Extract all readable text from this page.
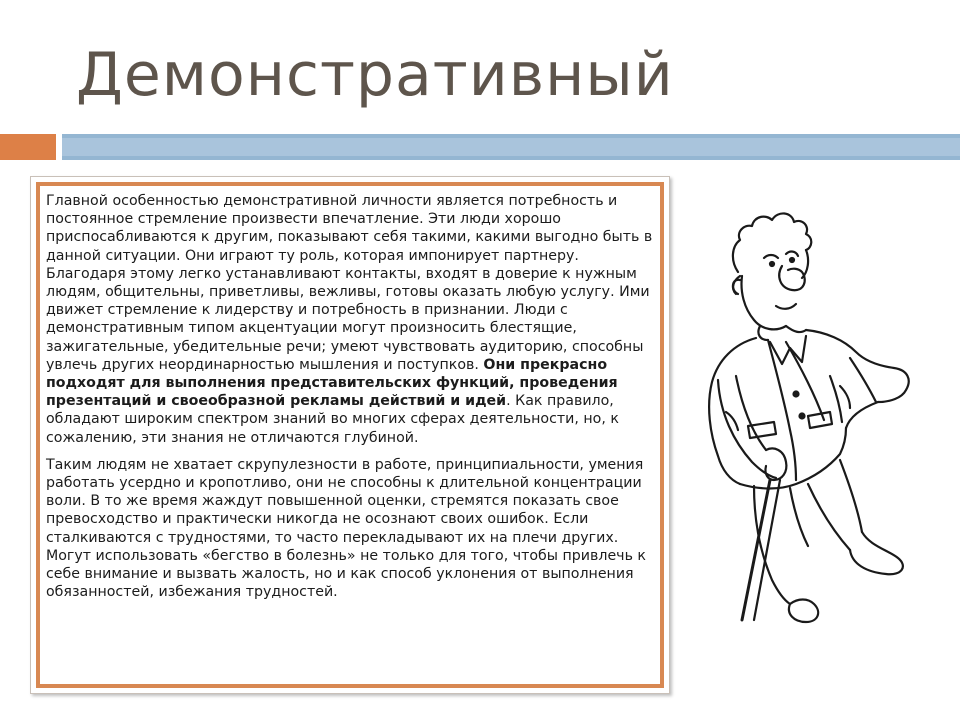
Демонстративный

Главной особенностью демонстративной личности является потребность и постоянное стремление произвести впечатление. Эти люди хорошо приспосабливаются к другим, показывают себя такими, какими выгодно быть в данной ситуации. Они играют ту роль, которая импонирует партнеру. Благодаря этому легко устанавливают контакты, входят в доверие к нужным людям, общительны, приветливы, вежливы, готовы оказать любую услугу. Ими движет стремление к лидерству и потребность в признании. Люди с демонстративным типом акцентуации могут произносить блестящие, зажигательные, убедительные речи; умеют чувствовать аудиторию, способны увлечь других неординарностью мышления и поступков. Они прекрасно подходят для выполнения представительских функций, проведения презентаций и своеобразной рекламы действий и идей. Как правило, обладают широким спектром знаний во многих сферах деятельности, но, к сожалению, эти знания не отличаются глубиной.

Таким людям не хватает скрупулезности в работе, принципиальности, умения работать усердно и кропотливо, они не способны к длительной концентрации воли. В то же время жаждут повышенной оценки, стремятся показать свое превосходство и практически никогда не осознают своих ошибок. Если сталкиваются с трудностями, то часто перекладывают их на плечи других. Могут использовать «бегство в болезнь» не только для того, чтобы привлечь к себе внимание и вызвать жалость, но и как способ уклонения от выполнения обязанностей, избежания трудностей.
